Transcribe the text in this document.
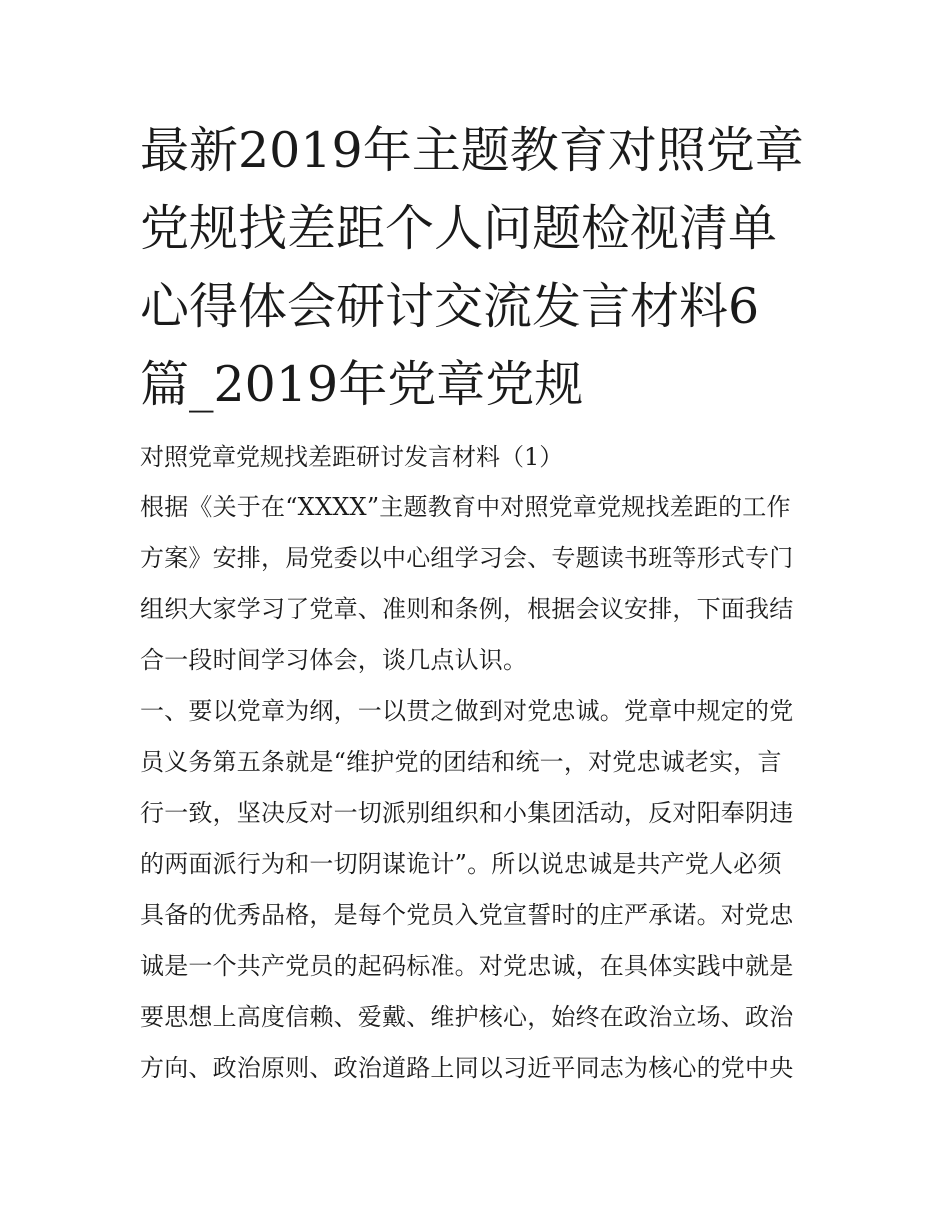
最新2019年主题教育对照党章
党规找差距个人问题检视清单
心得体会研讨交流发言材料6
篇_2019年党章党规
对照党章党规找差距研讨发言材料（1）
根据《关于在“XXXX”主题教育中对照党章党规找差距的工作
方案》安排，局党委以中心组学习会、专题读书班等形式专门
组织大家学习了党章、准则和条例，根据会议安排，下面我结
合一段时间学习体会，谈几点认识。
一、要以党章为纲，一以贯之做到对党忠诚。党章中规定的党
员义务第五条就是“维护党的团结和统一，对党忠诚老实，言
行一致，坚决反对一切派别组织和小集团活动，反对阳奉阴违
的两面派行为和一切阴谋诡计”。所以说忠诚是共产党人必须
具备的优秀品格，是每个党员入党宣誓时的庄严承诺。对党忠
诚是一个共产党员的起码标准。对党忠诚，在具体实践中就是
要思想上高度信赖、爱戴、维护核心，始终在政治立场、政治
方向、政治原则、政治道路上同以习近平同志为核心的党中央
